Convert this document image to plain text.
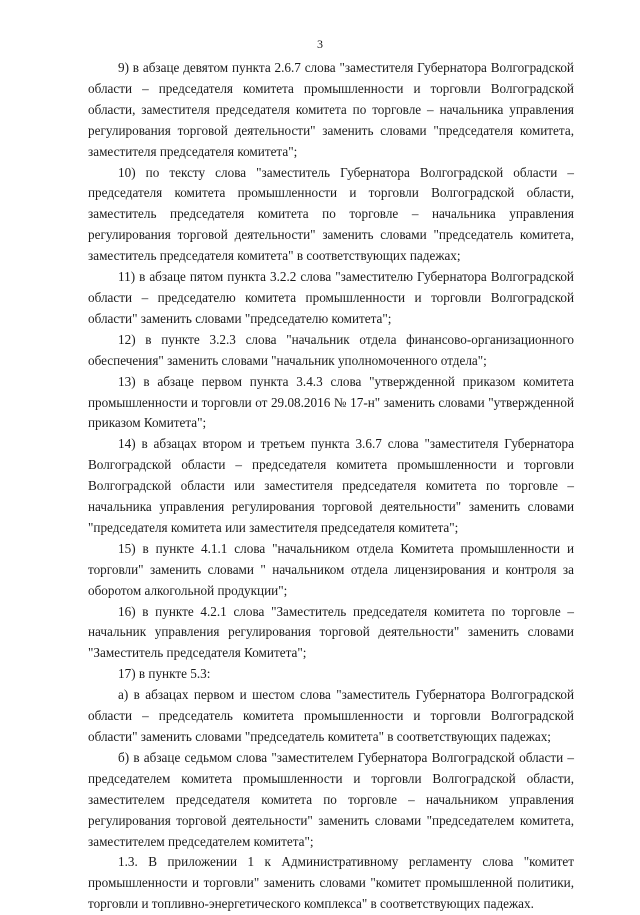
3

9) в абзаце девятом пункта 2.6.7 слова "заместителя Губернатора Волгоградской области – председателя комитета промышленности и торговли Волгоградской области, заместителя председателя комитета по торговле – начальника управления регулирования торговой деятельности" заменить словами "председателя комитета, заместителя председателя комитета";

10) по тексту слова "заместитель Губернатора Волгоградской области – председателя комитета промышленности и торговли Волгоградской области, заместитель председателя комитета по торговле – начальника управления регулирования торговой деятельности" заменить словами "председатель комитета, заместитель председателя комитета" в соответствующих падежах;

11) в абзаце пятом пункта 3.2.2 слова "заместителю Губернатора Волгоградской области – председателю комитета промышленности и торговли Волгоградской области" заменить словами "председателю комитета";

12) в пункте 3.2.3 слова "начальник отдела финансово-организационного обеспечения" заменить словами "начальник уполномоченного отдела";

13) в абзаце первом пункта 3.4.3 слова "утвержденной приказом комитета промышленности и торговли от 29.08.2016 № 17-н" заменить словами "утвержденной приказом Комитета";

14) в абзацах втором и третьем пункта 3.6.7 слова "заместителя Губернатора Волгоградской области – председателя комитета промышленности и торговли Волгоградской области или заместителя председателя комитета по торговле – начальника управления регулирования торговой деятельности" заменить словами "председателя комитета или заместителя председателя комитета";

15) в пункте 4.1.1 слова "начальником отдела Комитета промышленности и торговли" заменить словами " начальником отдела лицензирования и контроля за оборотом алкогольной продукции";

16) в пункте 4.2.1 слова "Заместитель председателя комитета по торговле – начальник управления регулирования торговой деятельности" заменить словами "Заместитель председателя Комитета";

17) в пункте 5.3:

а) в абзацах первом и шестом слова "заместитель Губернатора Волгоградской области – председатель комитета промышленности и торговли Волгоградской области" заменить словами "председатель комитета" в соответствующих падежах;

б) в абзаце седьмом слова "заместителем Губернатора Волгоградской области – председателем комитета промышленности и торговли Волгоградской области, заместителем председателя комитета по торговле – начальником управления регулирования торговой деятельности" заменить словами "председателем комитета, заместителем председателем комитета";

1.3. В приложении 1 к Административному регламенту слова "комитет промышленности и торговли" заменить словами "комитет промышленной политики, торговли и топливно-энергетического комплекса" в соответствующих падежах.
